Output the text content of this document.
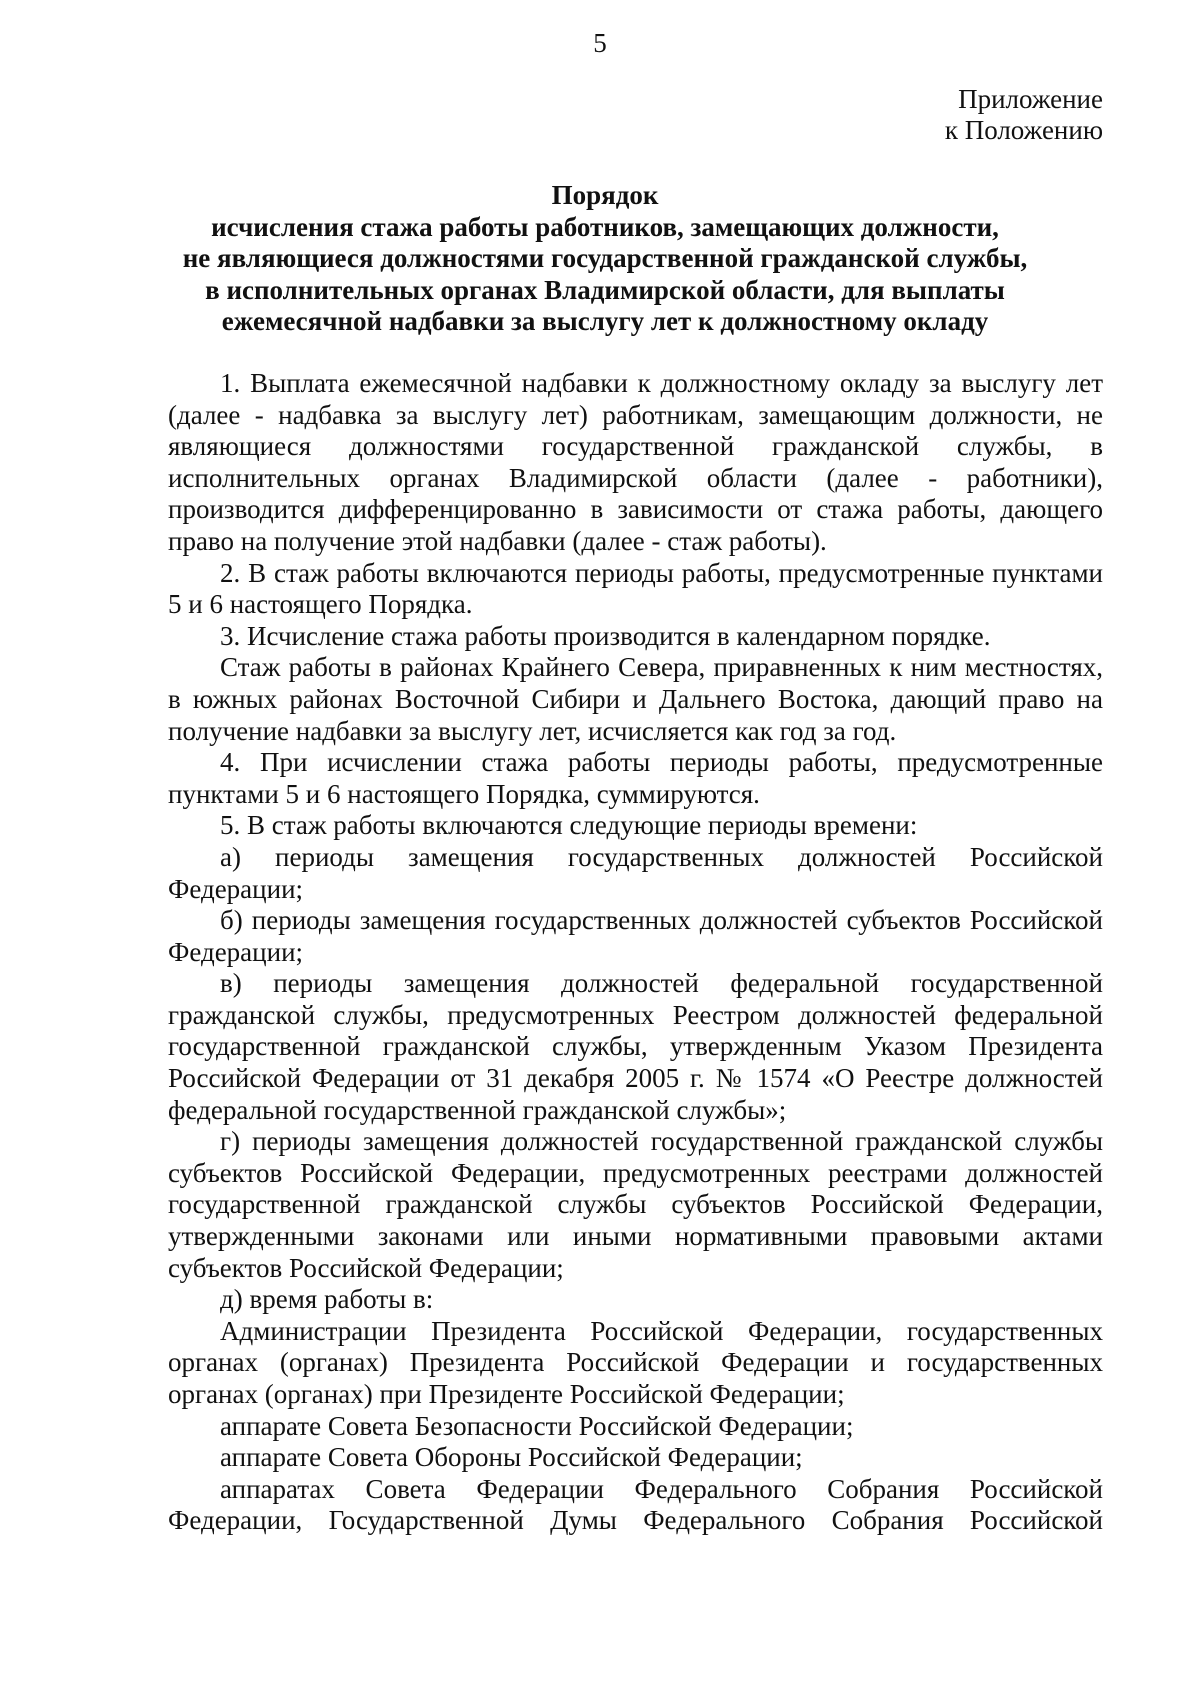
5
Приложение
к Положению
Порядок
исчисления стажа работы работников, замещающих должности,
не являющиеся должностями государственной гражданской службы,
в исполнительных органах Владимирской области, для выплаты
ежемесячной надбавки за выслугу лет к должностному окладу

1. Выплата ежемесячной надбавки к должностному окладу за выслугу лет (далее - надбавка за выслугу лет) работникам, замещающим должности, не являющиеся должностями государственной гражданской службы, в исполнительных органах Владимирской области (далее - работники), производится дифференцированно в зависимости от стажа работы, дающего право на получение этой надбавки (далее - стаж работы).

2. В стаж работы включаются периоды работы, предусмотренные пунктами 5 и 6 настоящего Порядка.

3. Исчисление стажа работы производится в календарном порядке.

Стаж работы в районах Крайнего Севера, приравненных к ним местностях, в южных районах Восточной Сибири и Дальнего Востока, дающий право на получение надбавки за выслугу лет, исчисляется как год за год.

4. При исчислении стажа работы периоды работы, предусмотренные пунктами 5 и 6 настоящего Порядка, суммируются.

5. В стаж работы включаются следующие периоды времени:

а) периоды замещения государственных должностей Российской Федерации;

б) периоды замещения государственных должностей субъектов Российской Федерации;

в) периоды замещения должностей федеральной государственной гражданской службы, предусмотренных Реестром должностей федеральной государственной гражданской службы, утвержденным Указом Президента Российской Федерации от 31 декабря 2005 г. № 1574 «О Реестре должностей федеральной государственной гражданской службы»;

г) периоды замещения должностей государственной гражданской службы субъектов Российской Федерации, предусмотренных реестрами должностей государственной гражданской службы субъектов Российской Федерации, утвержденными законами или иными нормативными правовыми актами субъектов Российской Федерации;

д) время работы в:

Администрации Президента Российской Федерации, государственных органах (органах) Президента Российской Федерации и государственных органах (органах) при Президенте Российской Федерации;

аппарате Совета Безопасности Российской Федерации;

аппарате Совета Обороны Российской Федерации;

аппаратах Совета Федерации Федерального Собрания Российской Федерации, Государственной Думы Федерального Собрания Российской
